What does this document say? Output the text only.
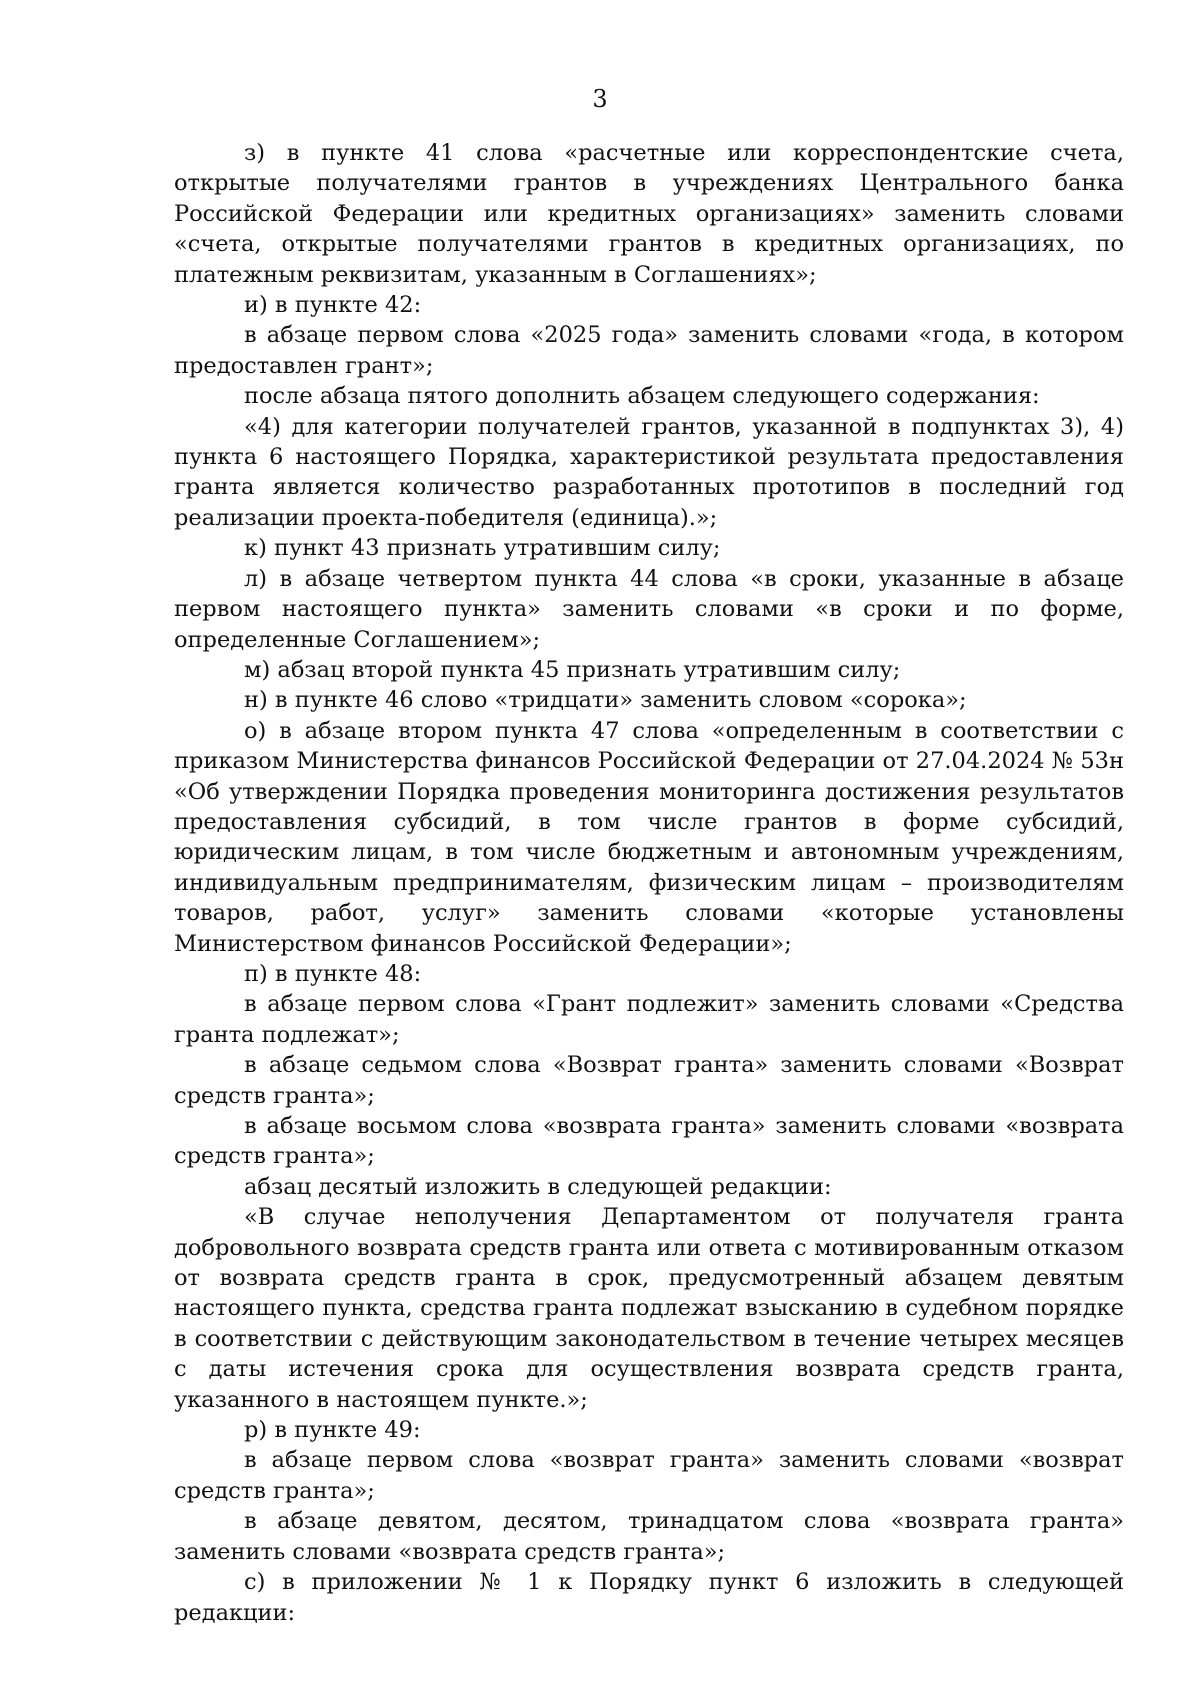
3

з) в пункте 41 слова «расчетные или корреспондентские счета, открытые получателями грантов в учреждениях Центрального банка Российской Федерации или кредитных организациях» заменить словами «счета, открытые получателями грантов в кредитных организациях, по платежным реквизитам, указанным в Соглашениях»;

и) в пункте 42:

в абзаце первом слова «2025 года» заменить словами «года, в котором предоставлен грант»;

после абзаца пятого дополнить абзацем следующего содержания:

«4) для категории получателей грантов, указанной в подпунктах 3), 4) пункта 6 настоящего Порядка, характеристикой результата предоставления гранта является количество разработанных прототипов в последний год реализации проекта-победителя (единица).»;

к) пункт 43 признать утратившим силу;

л) в абзаце четвертом пункта 44 слова «в сроки, указанные в абзаце первом настоящего пункта» заменить словами «в сроки и по форме, определенные Соглашением»;

м) абзац второй пункта 45 признать утратившим силу;

н) в пункте 46 слово «тридцати» заменить словом «сорока»;

о) в абзаце втором пункта 47 слова «определенным в соответствии с приказом Министерства финансов Российской Федерации от 27.04.2024 № 53н «Об утверждении Порядка проведения мониторинга достижения результатов предоставления субсидий, в том числе грантов в форме субсидий, юридическим лицам, в том числе бюджетным и автономным учреждениям, индивидуальным предпринимателям, физическим лицам – производителям товаров, работ, услуг» заменить словами «которые установлены Министерством финансов Российской Федерации»;

п) в пункте 48:

в абзаце первом слова «Грант подлежит» заменить словами «Средства гранта подлежат»;

в абзаце седьмом слова «Возврат гранта» заменить словами «Возврат средств гранта»;

в абзаце восьмом слова «возврата гранта» заменить словами «возврата средств гранта»;

абзац десятый изложить в следующей редакции:

«В случае неполучения Департаментом от получателя гранта добровольного возврата средств гранта или ответа с мотивированным отказом от возврата средств гранта в срок, предусмотренный абзацем девятым настоящего пункта, средства гранта подлежат взысканию в судебном порядке в соответствии с действующим законодательством в течение четырех месяцев с даты истечения срока для осуществления возврата средств гранта, указанного в настоящем пункте.»;

р) в пункте 49:

в абзаце первом слова «возврат гранта» заменить словами «возврат средств гранта»;

в абзаце девятом, десятом, тринадцатом слова «возврата гранта» заменить словами «возврата средств гранта»;

с) в приложении № 1 к Порядку пункт 6 изложить в следующей редакции:
